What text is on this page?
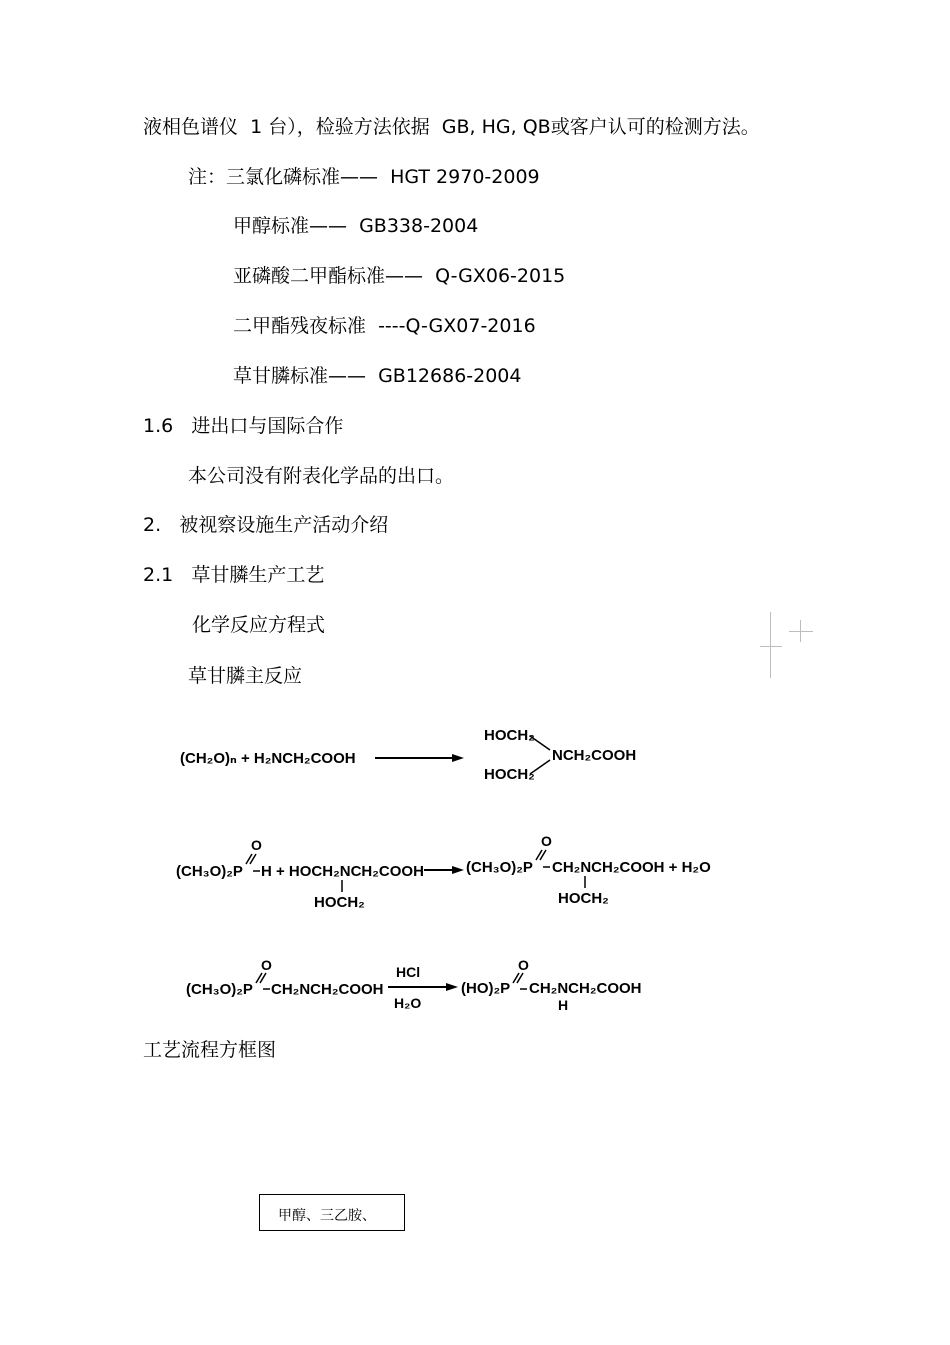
液相色谱仪  1 台），检验方法依据  GB, HG, QB或客户认可的检测方法。
注：三氯化磷标准——  HGT 2970-2009
甲醇标准——  GB338-2004
亚磷酸二甲酯标准——  Q-GX06-2015
二甲酯残夜标准  ----Q-GX07-2016
草甘膦标准——  GB12686-2004
1.6   进出口与国际合作
本公司没有附表化学品的出口。
2.   被视察设施生产活动介绍
2.1   草甘膦生产工艺
化学反应方程式
草甘膦主反应
(CH₂O)ₙ + H₂NCH₂COOH
HOCH₂
NCH₂COOH
HOCH₂
(CH₃O)₂P
O
H + HOCH₂NCH₂COOH
HOCH₂
(CH₃O)₂P
O
CH₂NCH₂COOH + H₂O
HOCH₂
(CH₃O)₂P
O
CH₂NCH₂COOH
HCl
H₂O
(HO)₂P
O
CH₂NCH₂COOH
H
工艺流程方框图
甲醇、三乙胺、
